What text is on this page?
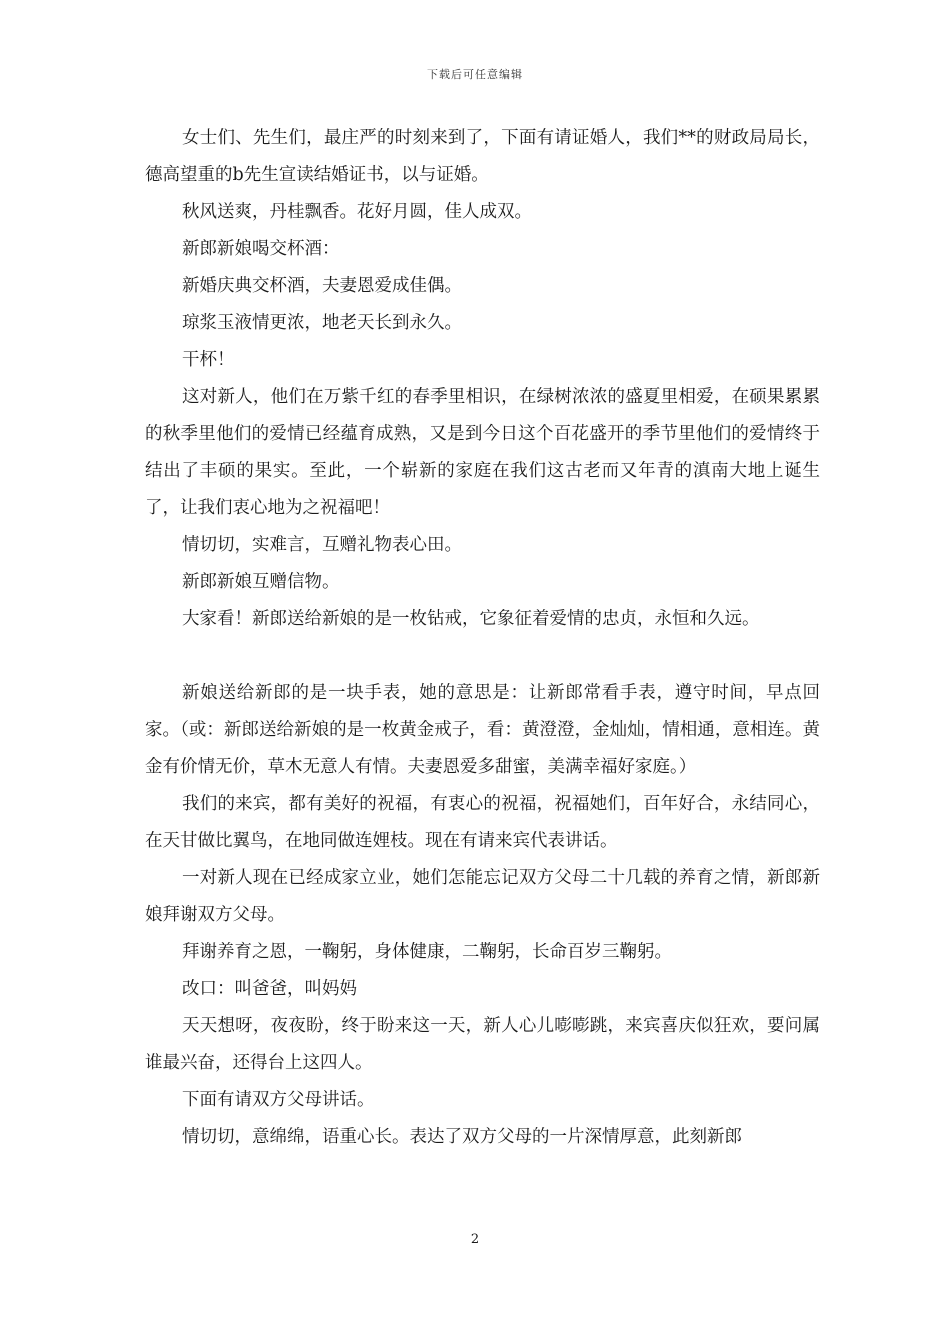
下载后可任意编辑

女士们、先生们，最庄严的时刻来到了，下面有请证婚人，我们**的财政局局长，德高望重的b先生宣读结婚证书，以与证婚。

秋风送爽，丹桂飘香。花好月圆，佳人成双。

新郎新娘喝交杯酒：

新婚庆典交杯酒，夫妻恩爱成佳偶。

琼浆玉液情更浓，地老天长到永久。

干杯！

这对新人，他们在万紫千红的春季里相识，在绿树浓浓的盛夏里相爱，在硕果累累的秋季里他们的爱情已经蕴育成熟，又是到今日这个百花盛开的季节里他们的爱情终于结出了丰硕的果实。至此，一个崭新的家庭在我们这古老而又年青的滇南大地上诞生了，让我们衷心地为之祝福吧！

情切切，实难言，互赠礼物表心田。

新郎新娘互赠信物。

大家看！新郎送给新娘的是一枚钻戒，它象征着爱情的忠贞，永恒和久远。

新娘送给新郎的是一块手表，她的意思是：让新郎常看手表，遵守时间，早点回家。（或：新郎送给新娘的是一枚黄金戒子，看：黄澄澄，金灿灿，情相通，意相连。黄金有价情无价，草木无意人有情。夫妻恩爱多甜蜜，美满幸福好家庭。）

我们的来宾，都有美好的祝福，有衷心的祝福，祝福她们，百年好合，永结同心，在天甘做比翼鸟，在地同做连娌枝。现在有请来宾代表讲话。

一对新人现在已经成家立业，她们怎能忘记双方父母二十几载的养育之情，新郎新娘拜谢双方父母。

拜谢养育之恩，一鞠躬，身体健康，二鞠躬，长命百岁三鞠躬。

改口：叫爸爸，叫妈妈

天天想呀，夜夜盼，终于盼来这一天，新人心儿嘭嘭跳，来宾喜庆似狂欢，要问属谁最兴奋，还得台上这四人。

下面有请双方父母讲话。

情切切，意绵绵，语重心长。表达了双方父母的一片深情厚意，此刻新郎

2
